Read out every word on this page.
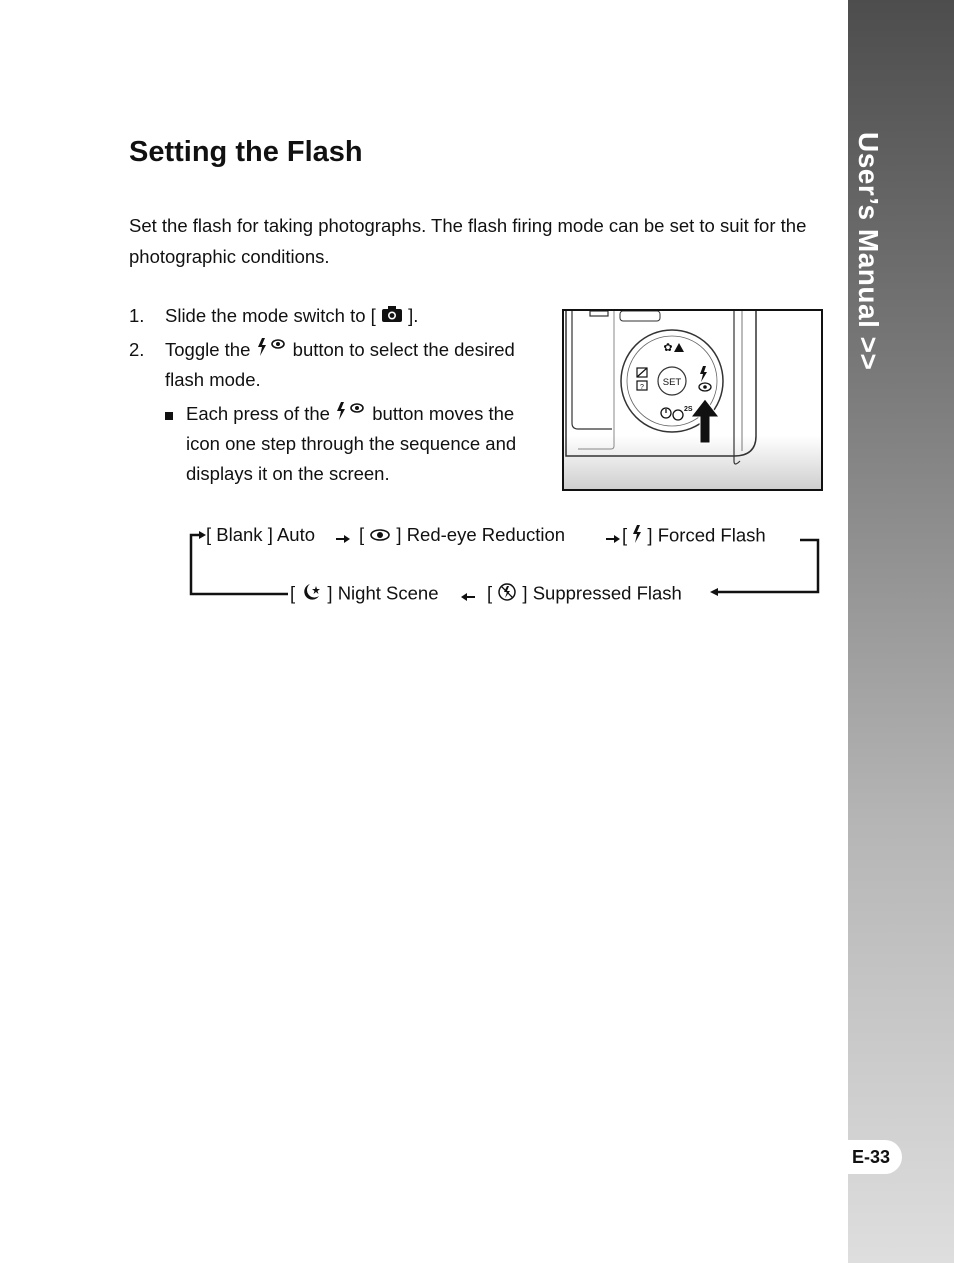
User’s Manual >>
E-33
Setting the Flash

Set the flash for taking photographs. The flash firing mode can be set to suit for the photographic conditions.

1. Slide the mode switch to [ ].
2. Toggle the button to select the desired
flash mode.
Each press of the button moves the
icon one step through the sequence and
displays it on the screen.
SET
✿
?
2S
[ Blank ] Auto [ ] Red-eye Reduction	[ ] Forced Flash
[ ] Night Scene	[ ] Suppressed Flash
